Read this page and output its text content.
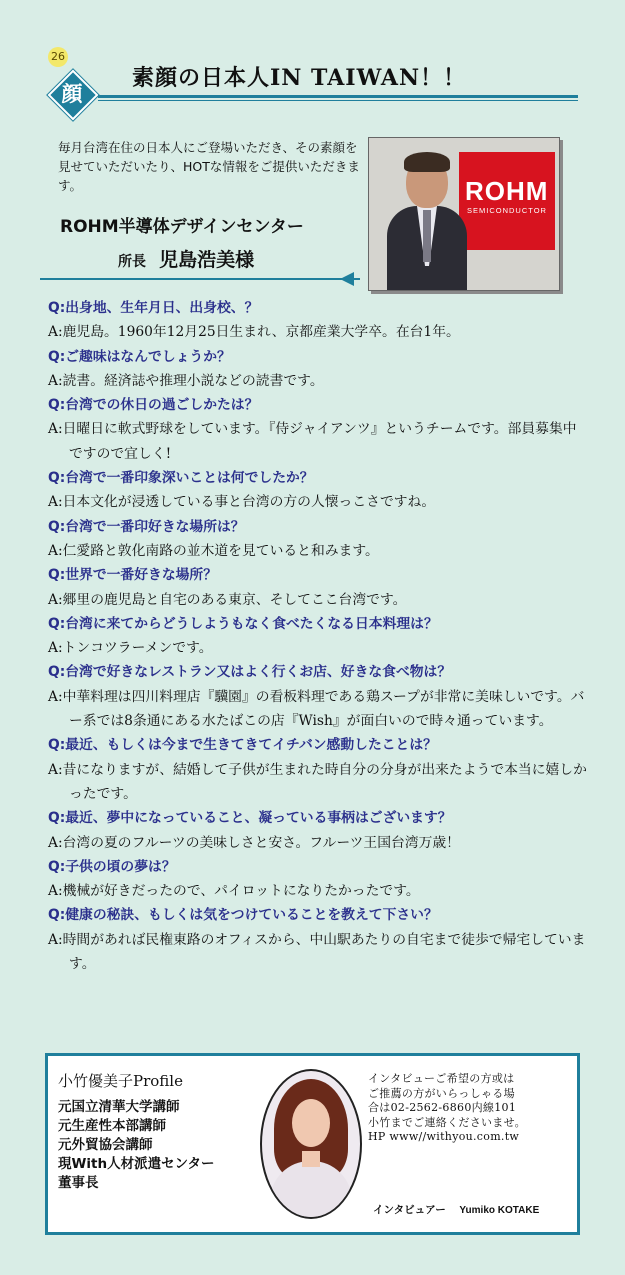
26
顔
素顔の日本人IN TAIWAN！！
毎月台湾在住の日本人にご登場いただき、その素顔を見せていただいたり、HOTな情報をご提供いただきます。
ROHM半導体デザインセンター
所長 児島浩美様
ROHM
SEMICONDUCTOR
Q:出身地、生年月日、出身校、？
A:鹿児島。1960年12月25日生まれ、京都産業大学卒。在台1年。
Q:ご趣味はなんでしょうか？
A:読書。経済誌や推理小説などの読書です。
Q:台湾での休日の過ごしかたは？
A:日曜日に軟式野球をしています。『侍ジャイアンツ』というチームです。部員募集中ですので宜しく!
Q:台湾で一番印象深いことは何でしたか？
A:日本文化が浸透している事と台湾の方の人懐っこさですね。
Q:台湾で一番印好きな場所は？
A:仁愛路と敦化南路の並木道を見ていると和みます。
Q:世界で一番好きな場所？
A:郷里の鹿児島と自宅のある東京、そしてここ台湾です。
Q:台湾に来てからどうしようもなく食べたくなる日本料理は？
A:トンコツラーメンです。
Q:台湾で好きなレストラン又はよく行くお店、好きな食べ物は？
A:中華料理は四川料理店『驥園』の看板料理である鶏スープが非常に美味しいです。バー系では8条通にある水たばこの店『Wish』が面白いので時々通っています。
Q:最近、もしくは今まで生きてきてイチバン感動したことは？
A:昔になりますが、結婚して子供が生まれた時自分の分身が出来たようで本当に嬉しかったです。
Q:最近、夢中になっていること、凝っている事柄はございます？
A:台湾の夏のフルーツの美味しさと安さ。フルーツ王国台湾万歳！
Q:子供の頃の夢は？
A:機械が好きだったので、パイロットになりたかったです。
Q:健康の秘訣、もしくは気をつけていることを教えて下さい？
A:時間があれば民権東路のオフィスから、中山駅あたりの自宅まで徒歩で帰宅しています。
小竹優美子Profile
元国立清華大学講師
元生産性本部講師
元外貿協会講師
現With人材派遣センター
董事長
インタビューご希望の方或は
ご推薦の方がいらっしゃる場
合は02-2562-6860内線101
小竹までご連絡くださいませ。
HP www//withyou.com.tw
インタビュアー Yumiko KOTAKE
